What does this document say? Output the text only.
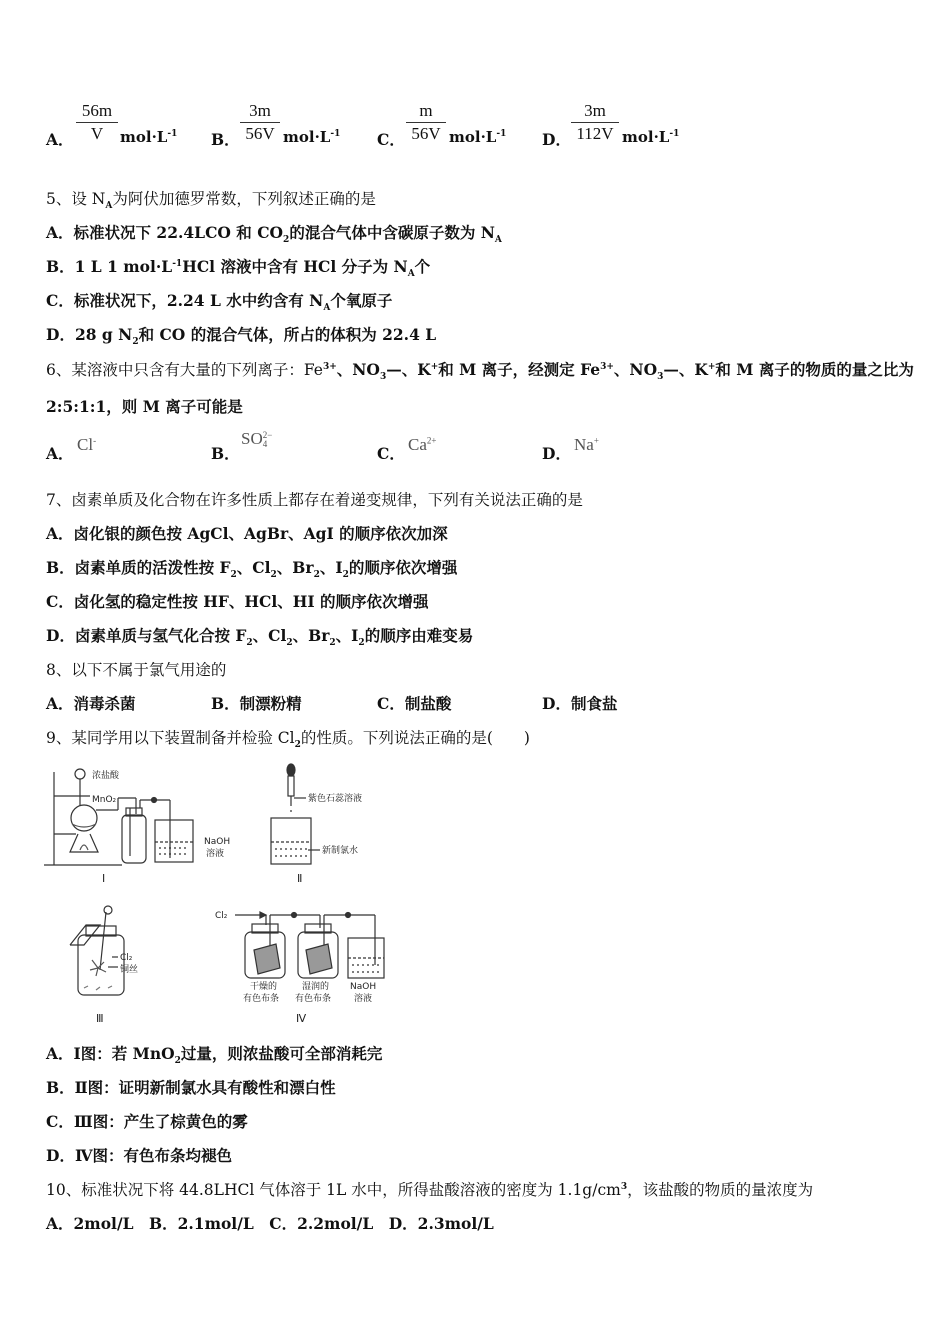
A． $\frac{56m}{V} mol\cdot L^{-1}$ B． $\frac{3m}{56V} mol\cdot L^{-1}$ C． $\frac{m}{56V} mol\cdot L^{-1}$ D． $\frac{3m}{112V} mol\cdot L^{-1}$
5、设 $N_A$为阿伏加德罗常数，下列叙述正确的是
A．标准状况下 22.4LCO 和 $CO_2$的混合气体中含碳原子数为 $N_A$
B．1 L 1 $mol\cdot L^{-1}HCl$ 溶液中含有 HCl 分子为 $N_A$个
C．标准状况下，2.24 L 水中约含有 $N_A$个氧原子
D．28 g $N_2$和 CO 的混合气体，所占的体积为 22.4 L
6、某溶液中只含有大量的下列离子：$Fe^{3+}$、$NO_3—$、K+和 M 离子，经测定 $Fe^{3+}$、$NO_3—$、K+和 M 离子的物质的量之比为
2:5:1:1，则 M 离子可能是
A． Cl-
B．
SO 2−
4	C． $Ca^{2+}$
D． Na+
7、卤素单质及化合物在许多性质上都存在着递变规律，下列有关说法正确的是
A．卤化银的颜色按 AgCl、AgBr、AgI 的顺序依次加深
B．卤素单质的活泼性按 $F_2$、$Cl_2$、$Br_2$、$I_2$的顺序依次增强
C．卤化氢的稳定性按 HF、HCl、HI 的顺序依次增强
D．卤素单质与氢气化合按 $F_2$、$Cl_2$、$Br_2$、$I_2$的顺序由难变易
8、以下不属于氯气用途的
A．消毒杀菌	B．制漂粉精	C．制盐酸	D．制食盐
9、某同学用以下装置制备并检验 $Cl_2$的性质。下列说法正确的是(　　)
浓盐酸
MnO₂
NaOH
溶液
Ⅰ
紫色石蕊溶液
新制氯水
Ⅱ
Cl₂
铜丝
Ⅲ
Cl₂
干燥的
有色布条
湿润的
有色布条
NaOH
溶液
Ⅳ
A．Ⅰ图：若 MnO$_2$过量，则浓盐酸可全部消耗完
B．Ⅱ图：证明新制氯水具有酸性和漂白性
C．Ⅲ图：产生了棕黄色的雾
D．Ⅳ图：有色布条均褪色
10、标准状况下将 44.8LHCl 气体溶于 1L 水中，所得盐酸溶液的密度为 $1.1g/cm^3$，该盐酸的物质的量浓度为
A．2mol/L　B．2.1mol/L　C．2.2mol/L　D．2.3mol/L
